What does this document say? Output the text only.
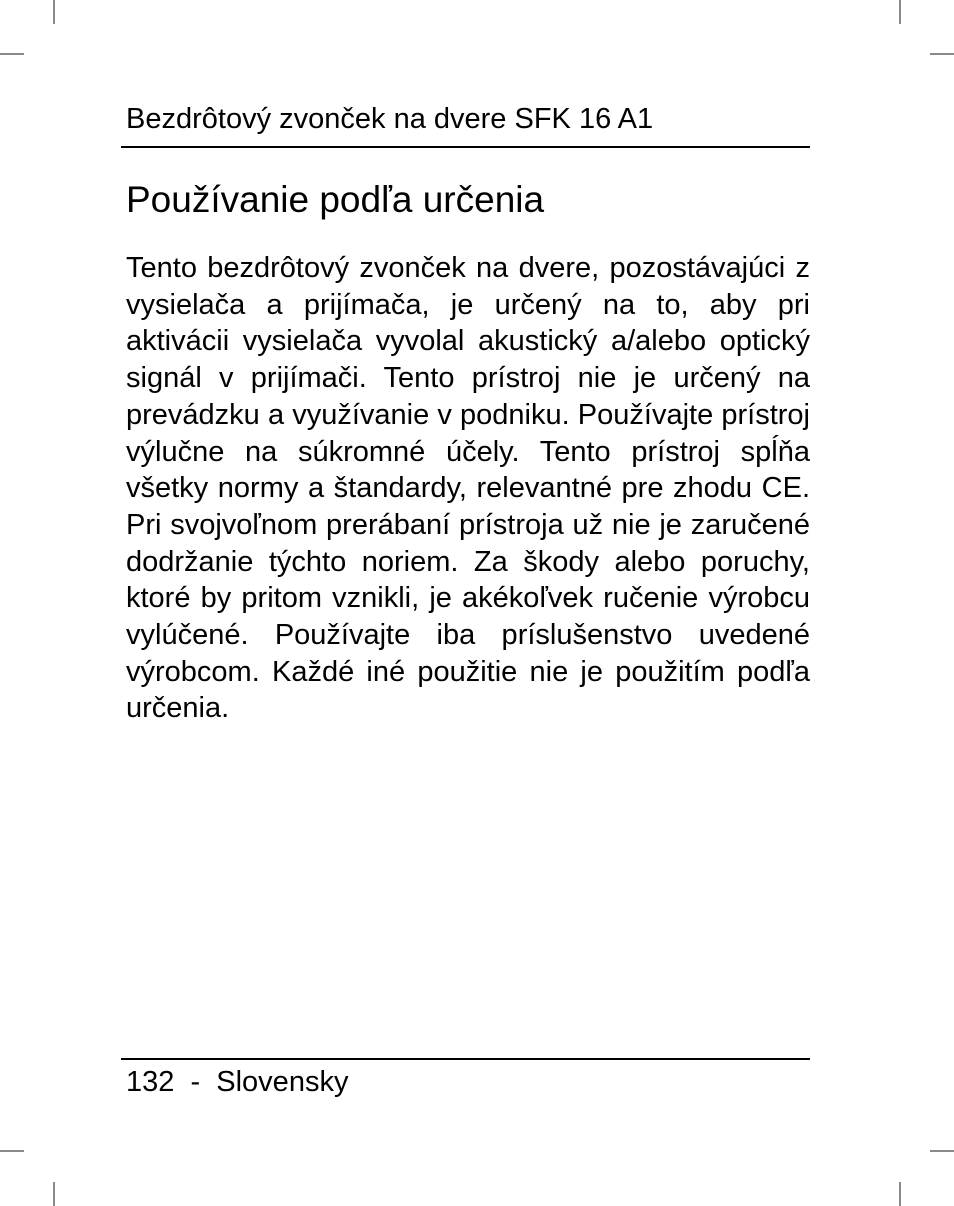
Bezdrôtový zvonček na dvere SFK 16 A1
Používanie podľa určenia

Tento bezdrôtový zvonček na dvere, pozostávajúci z vysielača a prijímača, je určený na to, aby pri aktivácii vysielača vyvolal akustický a/alebo optický signál v prijímači. Tento prístroj nie je určený na prevádzku a využívanie v podniku. Používajte prístroj výlučne na súkromné účely. Tento prístroj spĺňa všetky normy a štandardy, relevantné pre zhodu CE. Pri svojvoľnom prerábaní prístroja už nie je zaručené dodržanie týchto noriem. Za škody alebo poruchy, ktoré by pritom vznikli, je akékoľvek ručenie výrobcu vylúčené. Používajte iba príslušenstvo uvedené výrobcom. Každé iné použitie nie je použitím podľa určenia.

132  -  Slovensky
